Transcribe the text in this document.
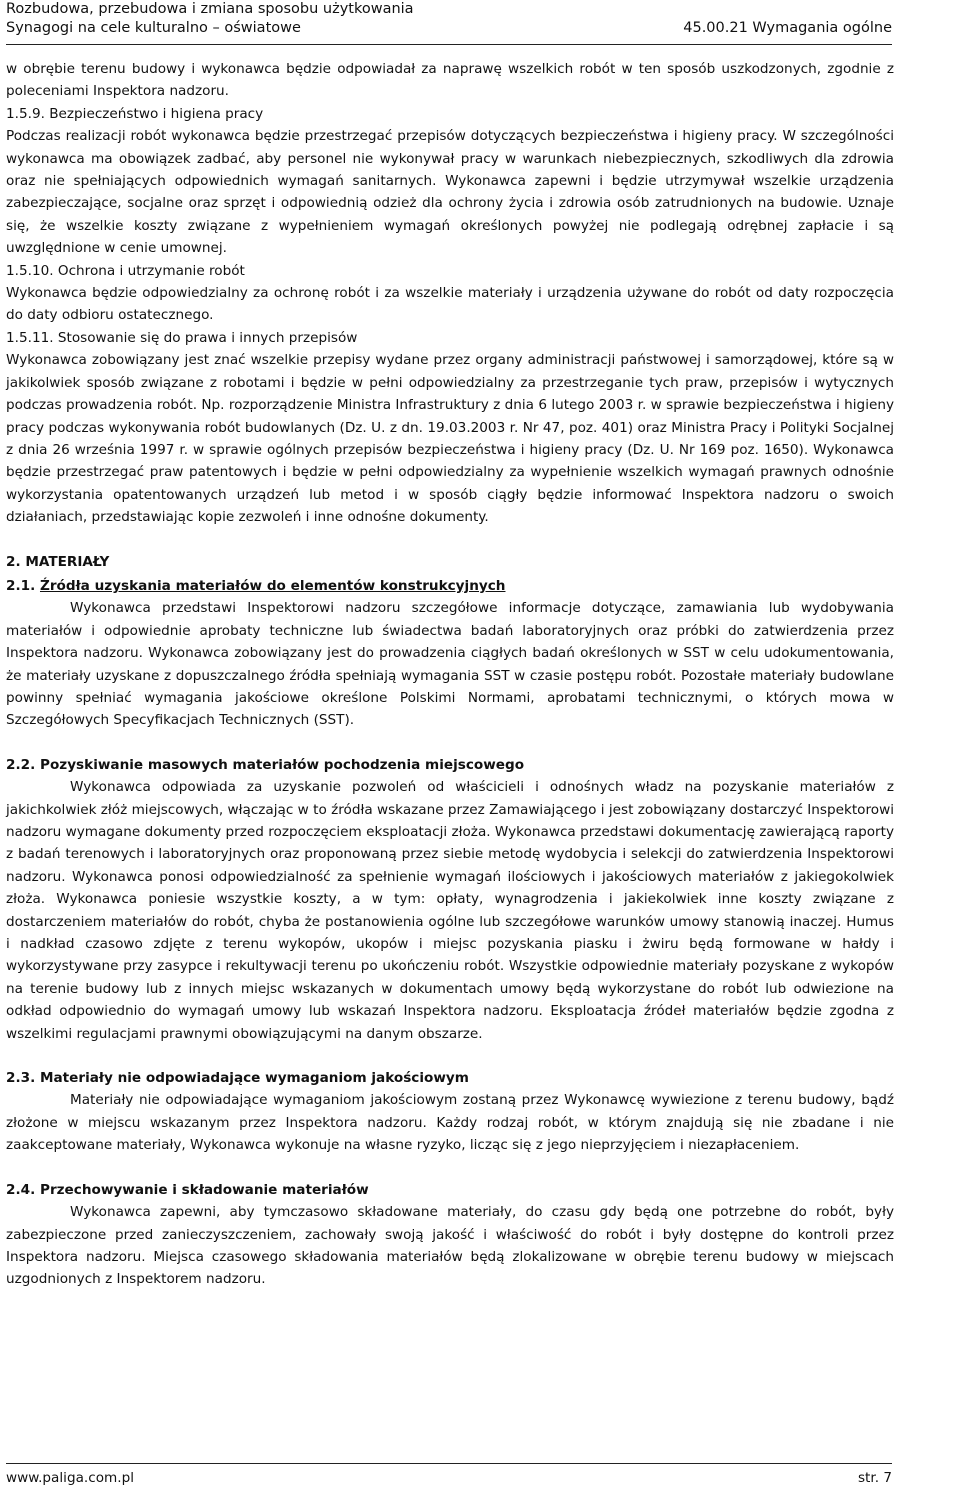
Rozbudowa, przebudowa i zmiana sposobu użytkowania
Synagogi na cele kulturalno – oświatowe	45.00.21 Wymagania ogólne

w obrębie terenu budowy i wykonawca będzie odpowiadał za naprawę wszelkich robót w ten sposób uszkodzonych, zgodnie z poleceniami Inspektora nadzoru.

1.5.9. Bezpieczeństwo i higiena pracy

Podczas realizacji robót wykonawca będzie przestrzegać przepisów dotyczących bezpieczeństwa i higieny pracy. W szczególności wykonawca ma obowiązek zadbać, aby personel nie wykonywał pracy w warunkach niebezpiecznych, szkodliwych dla zdrowia oraz nie spełniających odpowiednich wymagań sanitarnych. Wykonawca zapewni i będzie utrzymywał wszelkie urządzenia zabezpieczające, socjalne oraz sprzęt i odpowiednią odzież dla ochrony życia i zdrowia osób zatrudnionych na budowie. Uznaje się, że wszelkie koszty związane z wypełnieniem wymagań określonych powyżej nie podlegają odrębnej zapłacie i są uwzględnione w cenie umownej.

1.5.10. Ochrona i utrzymanie robót

Wykonawca będzie odpowiedzialny za ochronę robót i za wszelkie materiały i urządzenia używane do robót od daty rozpoczęcia do daty odbioru ostatecznego.

1.5.11. Stosowanie się do prawa i innych przepisów

Wykonawca zobowiązany jest znać wszelkie przepisy wydane przez organy administracji państwowej i samorządowej, które są w jakikolwiek sposób związane z robotami i będzie w pełni odpowiedzialny za przestrzeganie tych praw, przepisów i wytycznych podczas prowadzenia robót. Np. rozporządzenie Ministra Infrastruktury z dnia 6 lutego 2003 r. w sprawie bezpieczeństwa i higieny pracy podczas wykonywania robót budowlanych (Dz. U. z dn. 19.03.2003 r. Nr 47, poz. 401) oraz Ministra Pracy i Polityki Socjalnej z dnia 26 września 1997 r. w sprawie ogólnych przepisów bezpieczeństwa i higieny pracy (Dz. U. Nr 169 poz. 1650). Wykonawca będzie przestrzegać praw patentowych i będzie w pełni odpowiedzialny za wypełnienie wszelkich wymagań prawnych odnośnie wykorzystania opatentowanych urządzeń lub metod i w sposób ciągły będzie informować Inspektora nadzoru o swoich działaniach, przedstawiając kopie zezwoleń i inne odnośne dokumenty.

2. MATERIAŁY

2.1. Źródła uzyskania materiałów do elementów konstrukcyjnych

Wykonawca przedstawi Inspektorowi nadzoru szczegółowe informacje dotyczące, zamawiania lub wydobywania materiałów i odpowiednie aprobaty techniczne lub świadectwa badań laboratoryjnych oraz próbki do zatwierdzenia przez Inspektora nadzoru. Wykonawca zobowiązany jest do prowadzenia ciągłych badań określonych w SST w celu udokumentowania, że materiały uzyskane z dopuszczalnego źródła spełniają wymagania SST w czasie postępu robót. Pozostałe materiały budowlane powinny spełniać wymagania jakościowe określone Polskimi Normami, aprobatami technicznymi, o których mowa w Szczegółowych Specyfikacjach Technicznych (SST).

2.2. Pozyskiwanie masowych materiałów pochodzenia miejscowego

Wykonawca odpowiada za uzyskanie pozwoleń od właścicieli i odnośnych władz na pozyskanie materiałów z jakichkolwiek złóż miejscowych, włączając w to źródła wskazane przez Zamawiającego i jest zobowiązany dostarczyć Inspektorowi nadzoru wymagane dokumenty przed rozpoczęciem eksploatacji złoża. Wykonawca przedstawi dokumentację zawierającą raporty z badań terenowych i laboratoryjnych oraz proponowaną przez siebie metodę wydobycia i selekcji do zatwierdzenia Inspektorowi nadzoru. Wykonawca ponosi odpowiedzialność za spełnienie wymagań ilościowych i jakościowych materiałów z jakiegokolwiek złoża. Wykonawca poniesie wszystkie koszty, a w tym: opłaty, wynagrodzenia i jakiekolwiek inne koszty związane z dostarczeniem materiałów do robót, chyba że postanowienia ogólne lub szczegółowe warunków umowy stanowią inaczej. Humus i nadkład czasowo zdjęte z terenu wykopów, ukopów i miejsc pozyskania piasku i żwiru będą formowane w hałdy i wykorzystywane przy zasypce i rekultywacji terenu po ukończeniu robót. Wszystkie odpowiednie materiały pozyskane z wykopów na terenie budowy lub z innych miejsc wskazanych w dokumentach umowy będą wykorzystane do robót lub odwiezione na odkład odpowiednio do wymagań umowy lub wskazań Inspektora nadzoru. Eksploatacja źródeł materiałów będzie zgodna z wszelkimi regulacjami prawnymi obowiązującymi na danym obszarze.

2.3. Materiały nie odpowiadające wymaganiom jakościowym

Materiały nie odpowiadające wymaganiom jakościowym zostaną przez Wykonawcę wywiezione z terenu budowy, bądź złożone w miejscu wskazanym przez Inspektora nadzoru. Każdy rodzaj robót, w którym znajdują się nie zbadane i nie zaakceptowane materiały, Wykonawca wykonuje na własne ryzyko, licząc się z jego nieprzyjęciem i niezapłaceniem.

2.4. Przechowywanie i składowanie materiałów

Wykonawca zapewni, aby tymczasowo składowane materiały, do czasu gdy będą one potrzebne do robót, były zabezpieczone przed zanieczyszczeniem, zachowały swoją jakość i właściwość do robót i były dostępne do kontroli przez Inspektora nadzoru. Miejsca czasowego składowania materiałów będą zlokalizowane w obrębie terenu budowy w miejscach uzgodnionych z Inspektorem nadzoru.

www.paliga.com.pl	str. 7
